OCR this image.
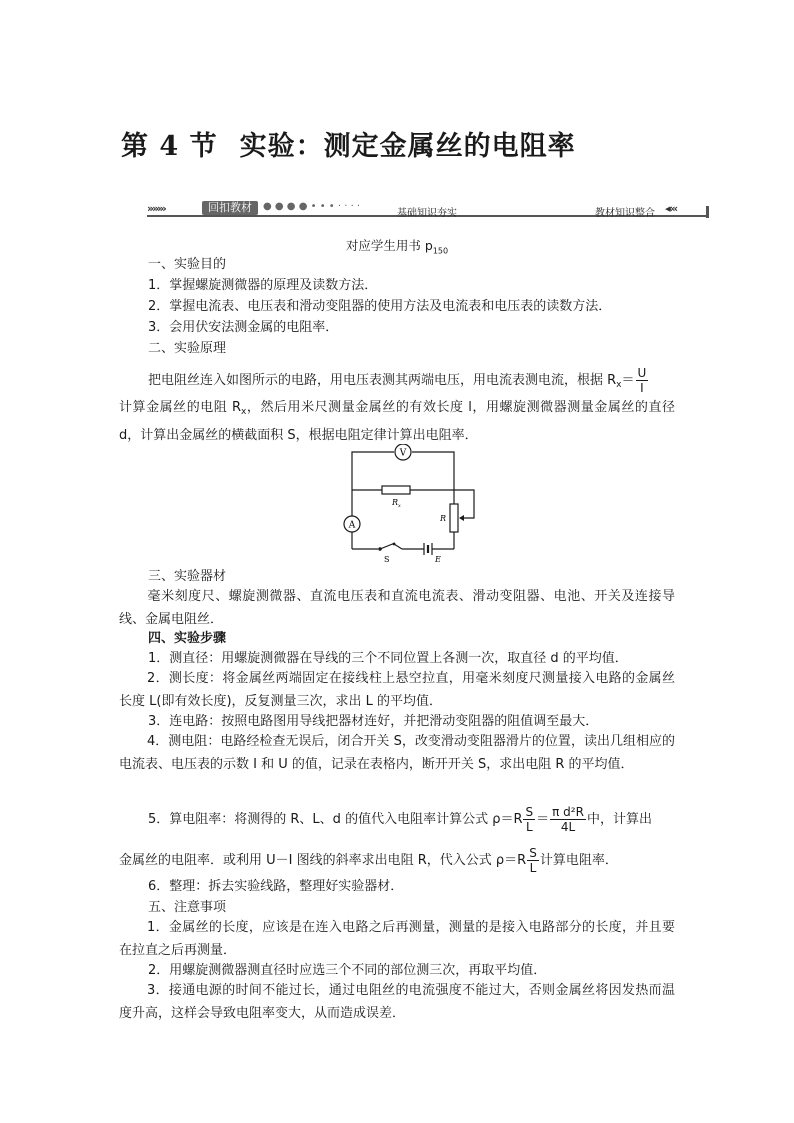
第 4 节 实验：测定金属丝的电阻率
›››››››	回扣教材	● ● ● ● • • • · · · ·
基础知识夯实	教材知识整合 ◂‹‹‹
对应学生用书 $p_{150}$
一、实验目的
1．掌握螺旋测微器的原理及读数方法．
2．掌握电流表、电压表和滑动变阻器的使用方法及电流表和电压表的读数方法．
3．会用伏安法测金属的电阻率．
二、实验原理
把电阻丝连入如图所示的电路，用电压表测其两端电压，用电流表测电流，根据 $R_x= \frac{U}{I}$
计算金属丝的电阻 $R_x$，然后用米尺测量金属丝的有效长度 l，用螺旋测微器测量金属丝的直径 d，计算出金属丝的横截面积 S，根据电阻定律计算出电阻率．
V
A
$R_x$
R
S	E
三、实验器材
毫米刻度尺、螺旋测微器、直流电压表和直流电流表、滑动变阻器、电池、开关及连接导线、金属电阻丝．
四、实验步骤
1．测直径：用螺旋测微器在导线的三个不同位置上各测一次，取直径 d 的平均值．
2．测长度：将金属丝两端固定在接线柱上悬空拉直，用毫米刻度尺测量接入电路的金属丝长度 L(即有效长度)，反复测量三次，求出 L 的平均值．
3．连电路：按照电路图用导线把器材连好，并把滑动变阻器的阻值调至最大．
4．测电阻：电路经检查无误后，闭合开关 S，改变滑动变阻器滑片的位置，读出几组相应的电流表、电压表的示数 I 和 U 的值，记录在表格内，断开开关 S，求出电阻 R 的平均值．
5．算电阻率：将测得的 R、L、d 的值代入电阻率计算公式 $\rho=R \frac{S}{L} = \frac{\text{π d²R}}{4L}$ 中，计算出
金属丝的电阻率．或利用 U－I 图线的斜率求出电阻 R，代入公式 $\rho=R \frac{S}{L}$ 计算电阻率．
6．整理：拆去实验线路，整理好实验器材．
五、注意事项
1．金属丝的长度，应该是在连入电路之后再测量，测量的是接入电路部分的长度，并且要在拉直之后再测量．
2．用螺旋测微器测直径时应选三个不同的部位测三次，再取平均值．
3．接通电源的时间不能过长，通过电阻丝的电流强度不能过大，否则金属丝将因发热而温度升高，这样会导致电阻率变大，从而造成误差．
